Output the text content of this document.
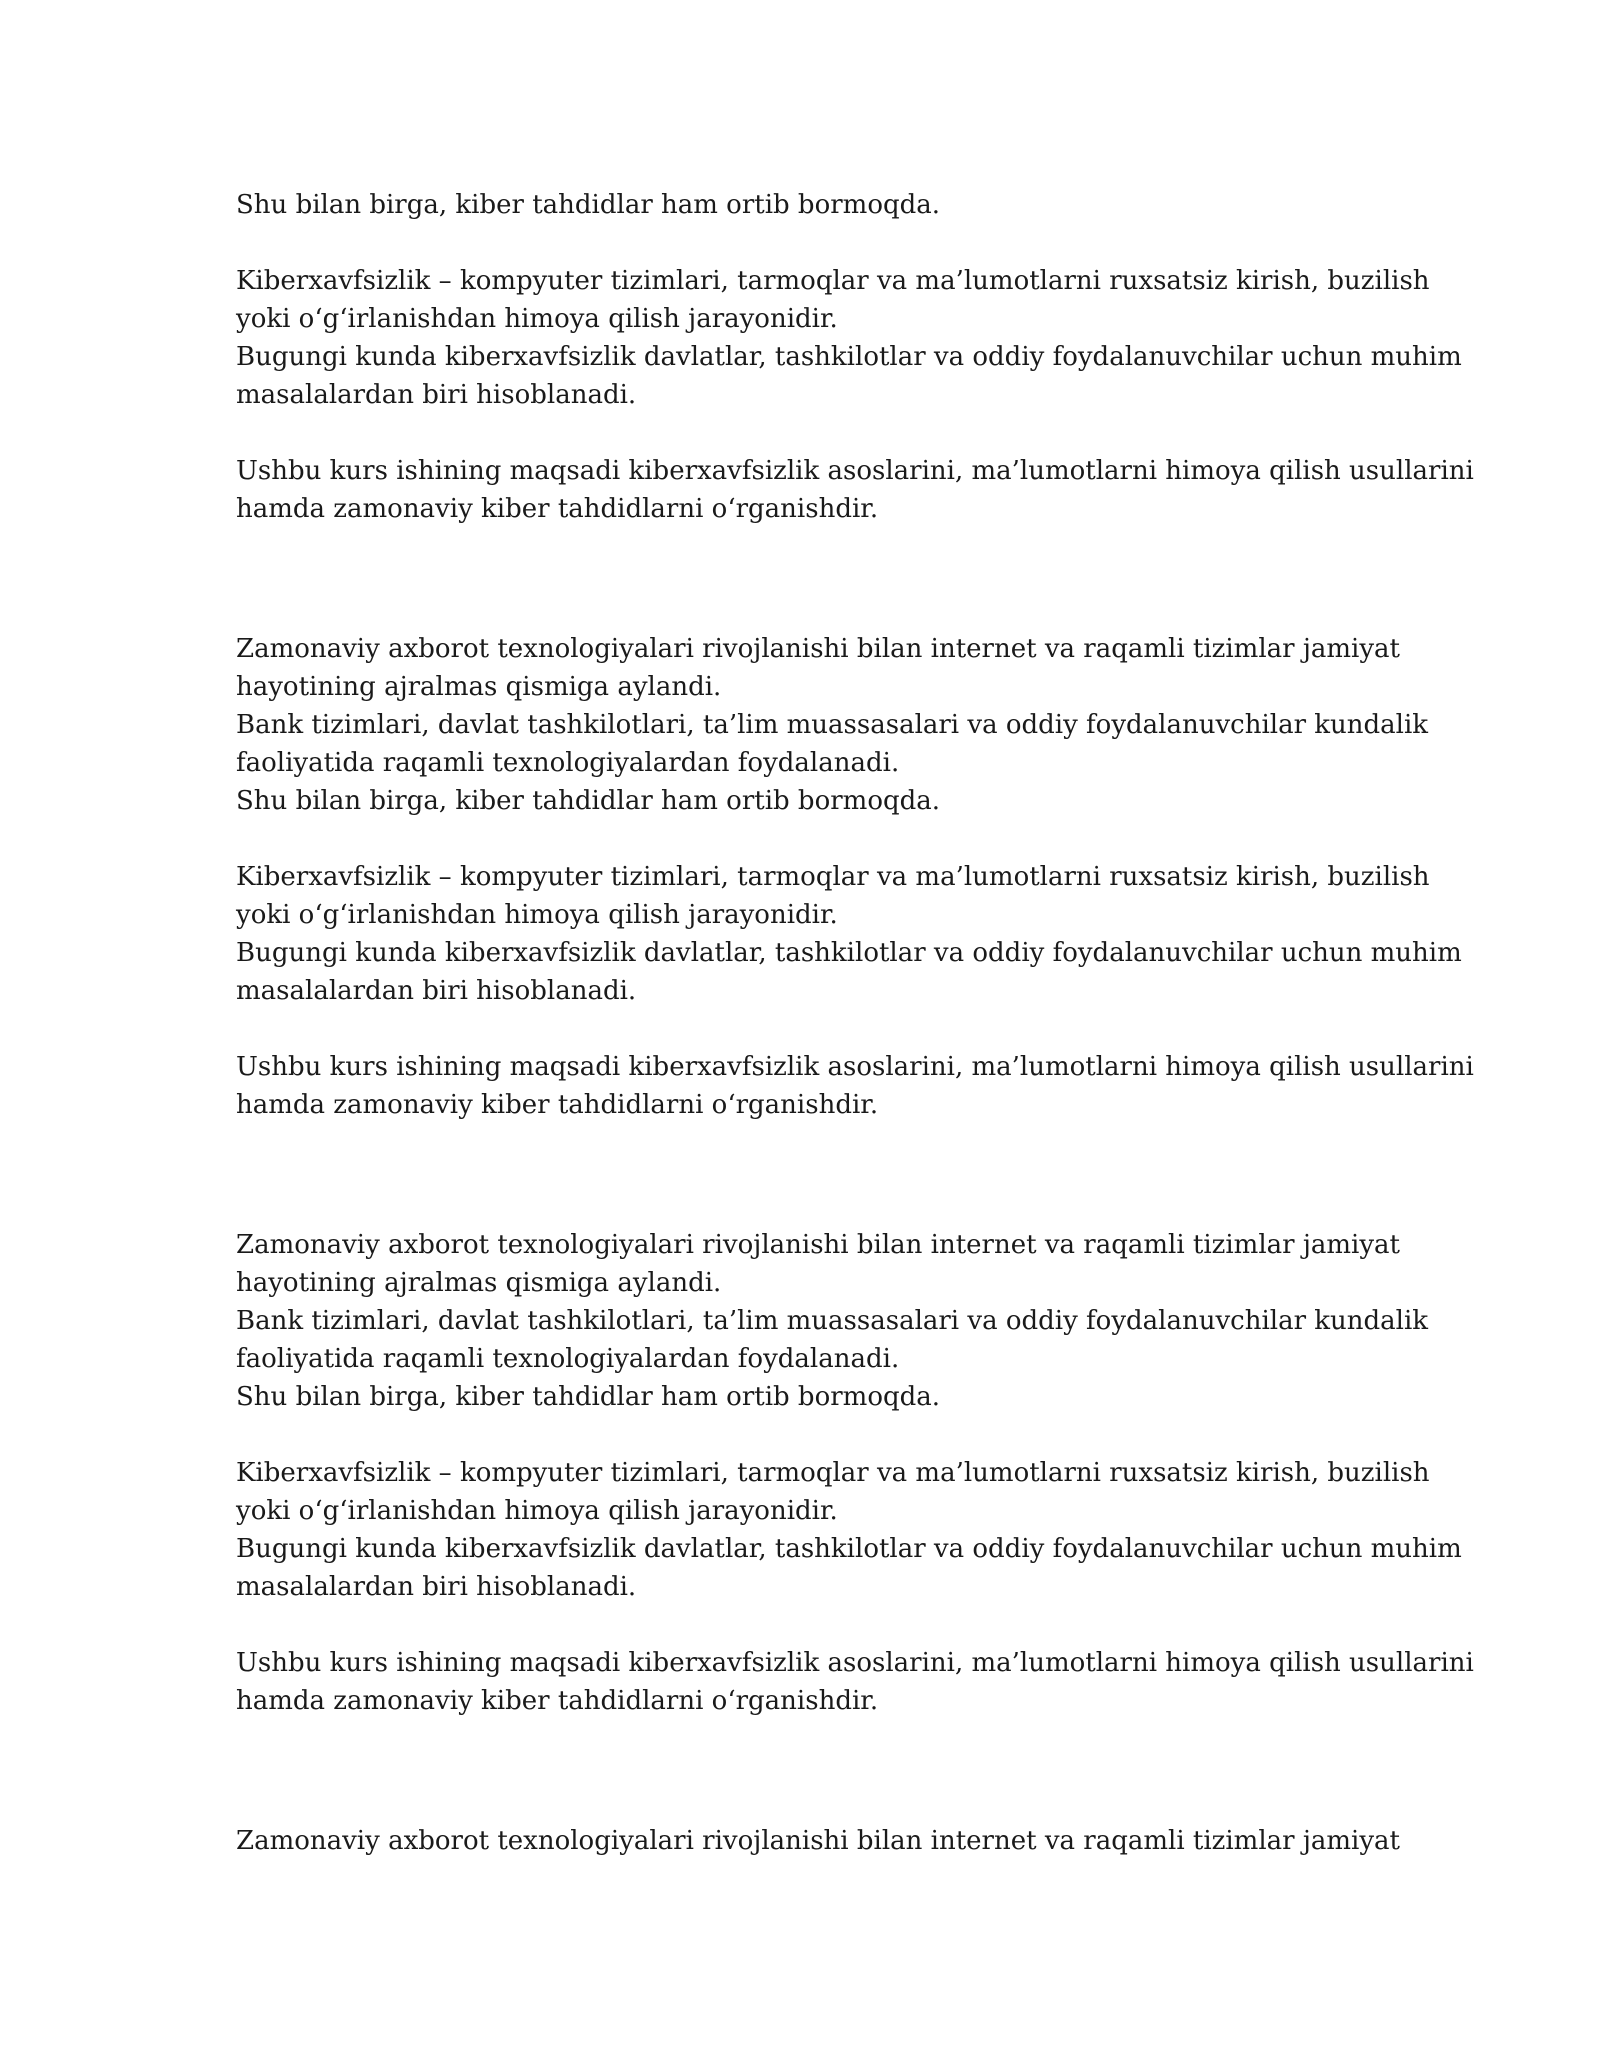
Shu bilan birga, kiber tahdidlar ham ortib bormoqda.
Kiberxavfsizlik – kompyuter tizimlari, tarmoqlar va ma’lumotlarni ruxsatsiz kirish, buzilish
yoki o‘g‘irlanishdan himoya qilish jarayonidir.
Bugungi kunda kiberxavfsizlik davlatlar, tashkilotlar va oddiy foydalanuvchilar uchun muhim
masalalardan biri hisoblanadi.
Ushbu kurs ishining maqsadi kiberxavfsizlik asoslarini, ma’lumotlarni himoya qilish usullarini
hamda zamonaviy kiber tahdidlarni o‘rganishdir.
Zamonaviy axborot texnologiyalari rivojlanishi bilan internet va raqamli tizimlar jamiyat
hayotining ajralmas qismiga aylandi.
Bank tizimlari, davlat tashkilotlari, ta’lim muassasalari va oddiy foydalanuvchilar kundalik
faoliyatida raqamli texnologiyalardan foydalanadi.
Shu bilan birga, kiber tahdidlar ham ortib bormoqda.
Kiberxavfsizlik – kompyuter tizimlari, tarmoqlar va ma’lumotlarni ruxsatsiz kirish, buzilish
yoki o‘g‘irlanishdan himoya qilish jarayonidir.
Bugungi kunda kiberxavfsizlik davlatlar, tashkilotlar va oddiy foydalanuvchilar uchun muhim
masalalardan biri hisoblanadi.
Ushbu kurs ishining maqsadi kiberxavfsizlik asoslarini, ma’lumotlarni himoya qilish usullarini
hamda zamonaviy kiber tahdidlarni o‘rganishdir.
Zamonaviy axborot texnologiyalari rivojlanishi bilan internet va raqamli tizimlar jamiyat
hayotining ajralmas qismiga aylandi.
Bank tizimlari, davlat tashkilotlari, ta’lim muassasalari va oddiy foydalanuvchilar kundalik
faoliyatida raqamli texnologiyalardan foydalanadi.
Shu bilan birga, kiber tahdidlar ham ortib bormoqda.
Kiberxavfsizlik – kompyuter tizimlari, tarmoqlar va ma’lumotlarni ruxsatsiz kirish, buzilish
yoki o‘g‘irlanishdan himoya qilish jarayonidir.
Bugungi kunda kiberxavfsizlik davlatlar, tashkilotlar va oddiy foydalanuvchilar uchun muhim
masalalardan biri hisoblanadi.
Ushbu kurs ishining maqsadi kiberxavfsizlik asoslarini, ma’lumotlarni himoya qilish usullarini
hamda zamonaviy kiber tahdidlarni o‘rganishdir.
Zamonaviy axborot texnologiyalari rivojlanishi bilan internet va raqamli tizimlar jamiyat
